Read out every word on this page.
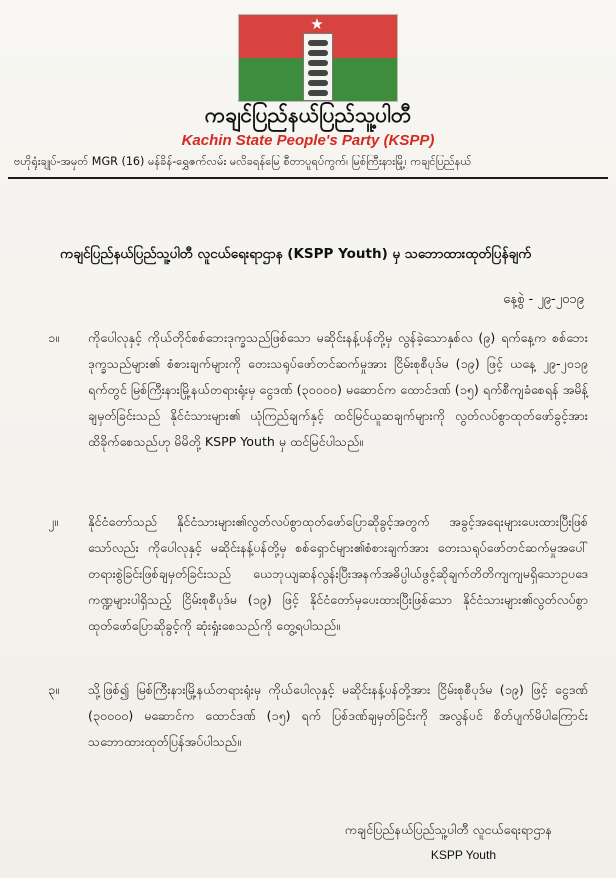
★
ကချင်ပြည်နယ်ပြည်သူ့ပါတီ
Kachin State People's Party (KSPP)
ဗဟိုရုံးချုပ်-အမှတ် MGR (16) မန်ခိန်-ရွှေဇက်လမ်း မလိခရန်မြေ စီတာပူရပ်ကွက်၊ မြစ်ကြီးနားမြို့၊ ကချင်ပြည်နယ်
ကချင်ပြည်နယ်ပြည်သူ့ပါတီ လူငယ်ရေးရာဌာန (KSPP Youth) မှ သဘောထားထုတ်ပြန်ချက်
နေ့စွဲ - ၂၉-၂၀၁၉
၁။ ကိုပေါလုနှင့် ကိုယ်တိုင်စစ်ဘေးဒုက္ခသည်ဖြစ်သော မဆိုင်းနန့်ပန်တို့မှ လွန်ခဲ့သောနှစ်လ (၉) ရက်နေ့က စစ်ဘေးဒုက္ခသည်များ၏ စံစားချက်များကို တေးသရုပ်ဖော်တင်ဆက်မှုအား ငြိမ်းစုစီပုဒ်မ (၁၉) ဖြင့် ယနေ့ ၂၉-၂၀၁၉ ရက်တွင် မြစ်ကြီးနားမြို့နယ်တရားရုံးမှ ငွေဒဏ် (၃၀၀၀၀) မဆောင်က ထောင်ဒဏ် (၁၅) ရက်စီကျခံစေရန် အမိန့်ချမှတ်ခြင်းသည် နိုင်ငံသားများ၏ ယုံကြည်ချက်နှင့် ထင်မြင်ယူဆချက်များကို လွတ်လပ်စွာထုတ်ဖော်ခွင့်အား ထိခိုက်စေသည်ဟု မိမိတို့ KSPP Youth မှ ထင်မြင်ပါသည်။
၂။ နိုင်ငံတော်သည် နိုင်ငံသားများ၏လွတ်လပ်စွာထုတ်ဖော်ပြောဆိုခွင့်အတွက် အခွင့်အရေးများပေးထားပြီးဖြစ်သော်လည်း ကိုပေါလုနှင့် မဆိုင်းနန့်ပန်တို့မှ စစ်ရှောင်များ၏စံစားချက်အား တေးသရုပ်ဖော်တင်ဆက်မှုအပေါ် တရားစွဲခြင်းဖြစ်ချမှတ်ခြင်းသည် ယေဘုယျဆန်လွန်းပြီးအနက်အဓိပ္ပါယ်ဖွင့်ဆိုချက်တိတိကျကျမရှိသောဥပဒေကဏ္ဍများပါရှိသည့် ငြိမ်းစုစီပုဒ်မ (၁၉) ဖြင့် နိုင်ငံတော်မှပေးထားပြီးဖြစ်သော နိုင်ငံသားများ၏လွတ်လပ်စွာထုတ်ဖော်ပြောဆိုခွင့်ကို ဆုံးရှုံးစေသည်ကို တွေ့ရပါသည်။
၃။ သို့ဖြစ်၍ မြစ်ကြီးနားမြို့နယ်တရားရုံးမှ ကိုယ်ပေါလုနှင့် မဆိုင်းနန့်ပန်တို့အား ငြိမ်းစုစီပုဒ်မ (၁၉) ဖြင့် ငွေဒဏ် (၃၀၀၀၀) မဆောင်က ထောင်ဒဏ် (၁၅) ရက် ပြစ်ဒဏ်ချမှတ်ခြင်းကို အလွန်ပင် စိတ်ပျက်မိပါကြောင်း သဘောထားထုတ်ပြန်အပ်ပါသည်။
ကချင်ပြည်နယ်ပြည်သူ့ပါတီ လူငယ်ရေးရာဌာန
KSPP Youth
